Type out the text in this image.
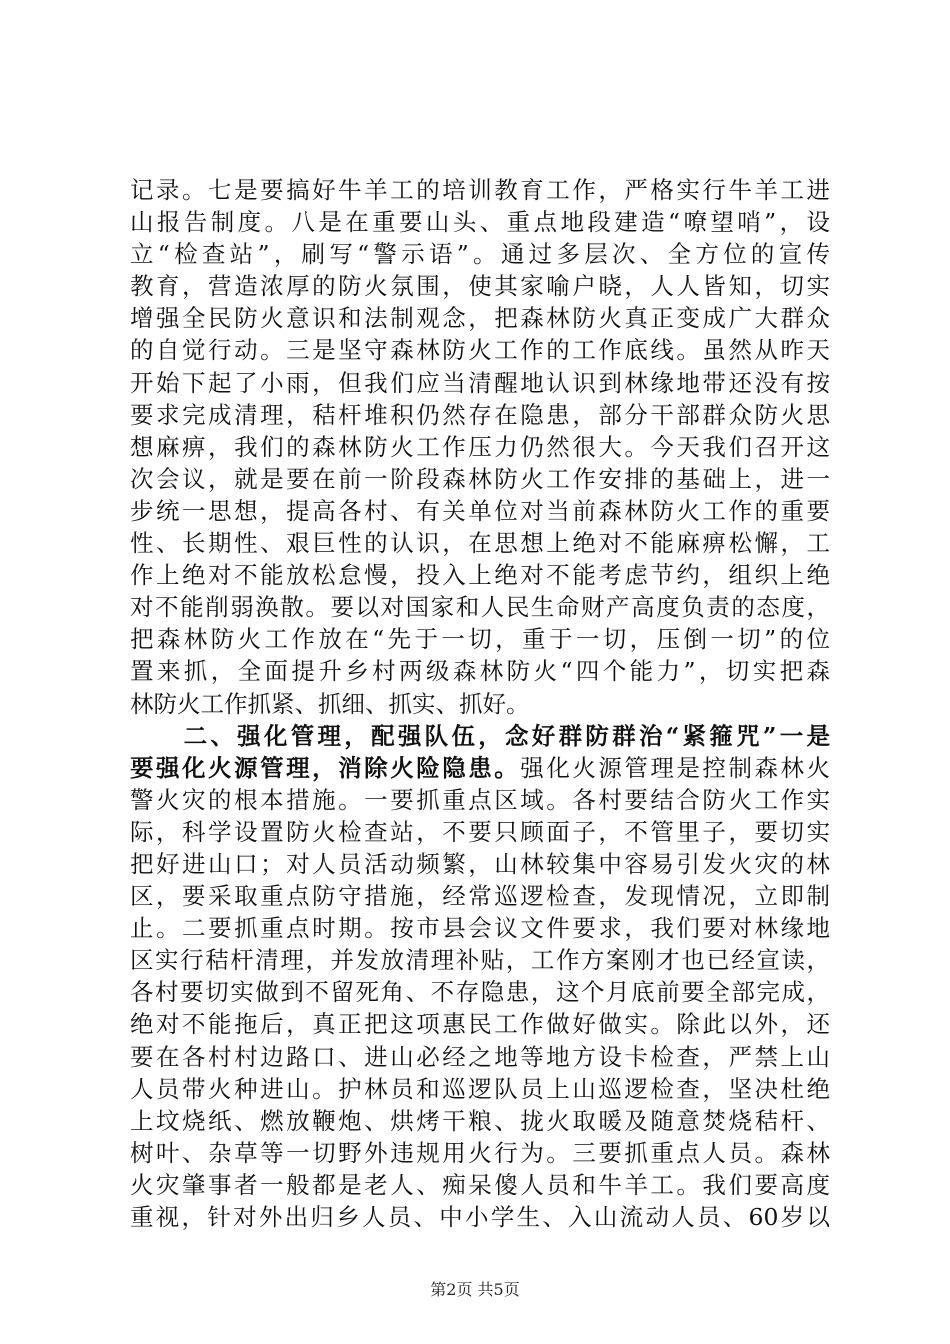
记录。七是要搞好牛羊工的培训教育工作，严格实行牛羊工进
山报告制度。八是在重要山头、重点地段建造“嘹望哨”，设
立“检查站”，刷写“警示语”。通过多层次、全方位的宣传
教育，营造浓厚的防火氛围，使其家喻户晓，人人皆知，切实
增强全民防火意识和法制观念，把森林防火真正变成广大群众
的自觉行动。三是坚守森林防火工作的工作底线。虽然从昨天
开始下起了小雨，但我们应当清醒地认识到林缘地带还没有按
要求完成清理，秸杆堆积仍然存在隐患，部分干部群众防火思
想麻痹，我们的森林防火工作压力仍然很大。今天我们召开这
次会议，就是要在前一阶段森林防火工作安排的基础上，进一
步统一思想，提高各村、有关单位对当前森林防火工作的重要
性、长期性、艰巨性的认识，在思想上绝对不能麻痹松懈，工
作上绝对不能放松怠慢，投入上绝对不能考虑节约，组织上绝
对不能削弱涣散。要以对国家和人民生命财产高度负责的态度，
把森林防火工作放在“先于一切，重于一切，压倒一切”的位
置来抓，全面提升乡村两级森林防火“四个能力”，切实把森
林防火工作抓紧、抓细、抓实、抓好。
　　二、强化管理，配强队伍，念好群防群治“紧箍咒”一是
要强化火源管理，消除火险隐患。强化火源管理是控制森林火
警火灾的根本措施。一要抓重点区域。各村要结合防火工作实
际，科学设置防火检查站，不要只顾面子，不管里子，要切实
把好进山口；对人员活动频繁，山林较集中容易引发火灾的林
区，要采取重点防守措施，经常巡逻检查，发现情况，立即制
止。二要抓重点时期。按市县会议文件要求，我们要对林缘地
区实行秸杆清理，并发放清理补贴，工作方案刚才也已经宣读，
各村要切实做到不留死角、不存隐患，这个月底前要全部完成，
绝对不能拖后，真正把这项惠民工作做好做实。除此以外，还
要在各村村边路口、进山必经之地等地方设卡检查，严禁上山
人员带火种进山。护林员和巡逻队员上山巡逻检查，坚决杜绝
上坟烧纸、燃放鞭炮、烘烤干粮、拢火取暖及随意焚烧秸杆、
树叶、杂草等一切野外违规用火行为。三要抓重点人员。森林
火灾肇事者一般都是老人、痴呆傻人员和牛羊工。我们要高度
重视，针对外出归乡人员、中小学生、入山流动人员、60岁以
第2页 共5页
